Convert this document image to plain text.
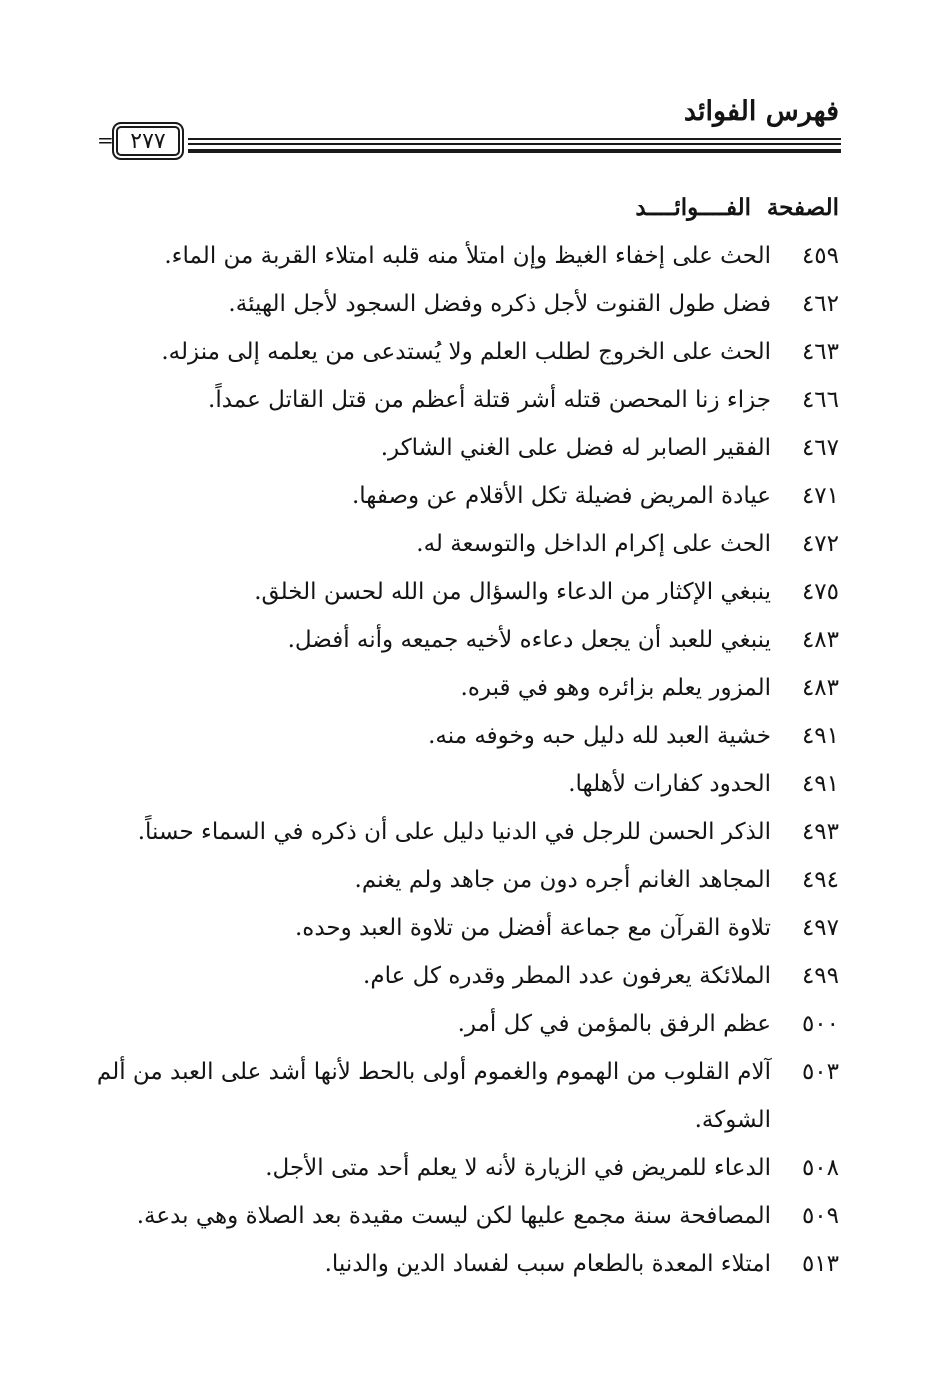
فهرس الفوائد
٢٧٧
=
الصفحة
الفــــوائــــد
٤٥٩
الحث على إخفاء الغيظ وإن امتلأ منه قلبه امتلاء القربة من الماء.
٤٦٢
فضل طول القنوت لأجل ذكره وفضل السجود لأجل الهيئة.
٤٦٣
الحث على الخروج لطلب العلم ولا يُستدعى من يعلمه إلى منزله.
٤٦٦
جزاء زنا المحصن قتله أشر قتلة أعظم من قتل القاتل عمداً.
٤٦٧
الفقير الصابر له فضل على الغني الشاكر.
٤٧١
عيادة المريض فضيلة تكل الأقلام عن وصفها.
٤٧٢
الحث على إكرام الداخل والتوسعة له.
٤٧٥
ينبغي الإكثار من الدعاء والسؤال من الله لحسن الخلق.
٤٨٣
ينبغي للعبد أن يجعل دعاءه لأخيه جميعه وأنه أفضل.
٤٨٣
المزور يعلم بزائره وهو في قبره.
٤٩١
خشية العبد لله دليل حبه وخوفه منه.
٤٩١
الحدود كفارات لأهلها.
٤٩٣
الذكر الحسن للرجل في الدنيا دليل على أن ذكره في السماء حسناً.
٤٩٤
المجاهد الغانم أجره دون من جاهد ولم يغنم.
٤٩٧
تلاوة القرآن مع جماعة أفضل من تلاوة العبد وحده.
٤٩٩
الملائكة يعرفون عدد المطر وقدره كل عام.
٥٠٠
عظم الرفق بالمؤمن في كل أمر.
٥٠٣
آلام القلوب من الهموم والغموم أولى بالحط لأنها أشد على العبد من ألم الشوكة.
٥٠٨
الدعاء للمريض في الزيارة لأنه لا يعلم أحد متى الأجل.
٥٠٩
المصافحة سنة مجمع عليها لكن ليست مقيدة بعد الصلاة وهي بدعة.
٥١٣
امتلاء المعدة بالطعام سبب لفساد الدين والدنيا.
